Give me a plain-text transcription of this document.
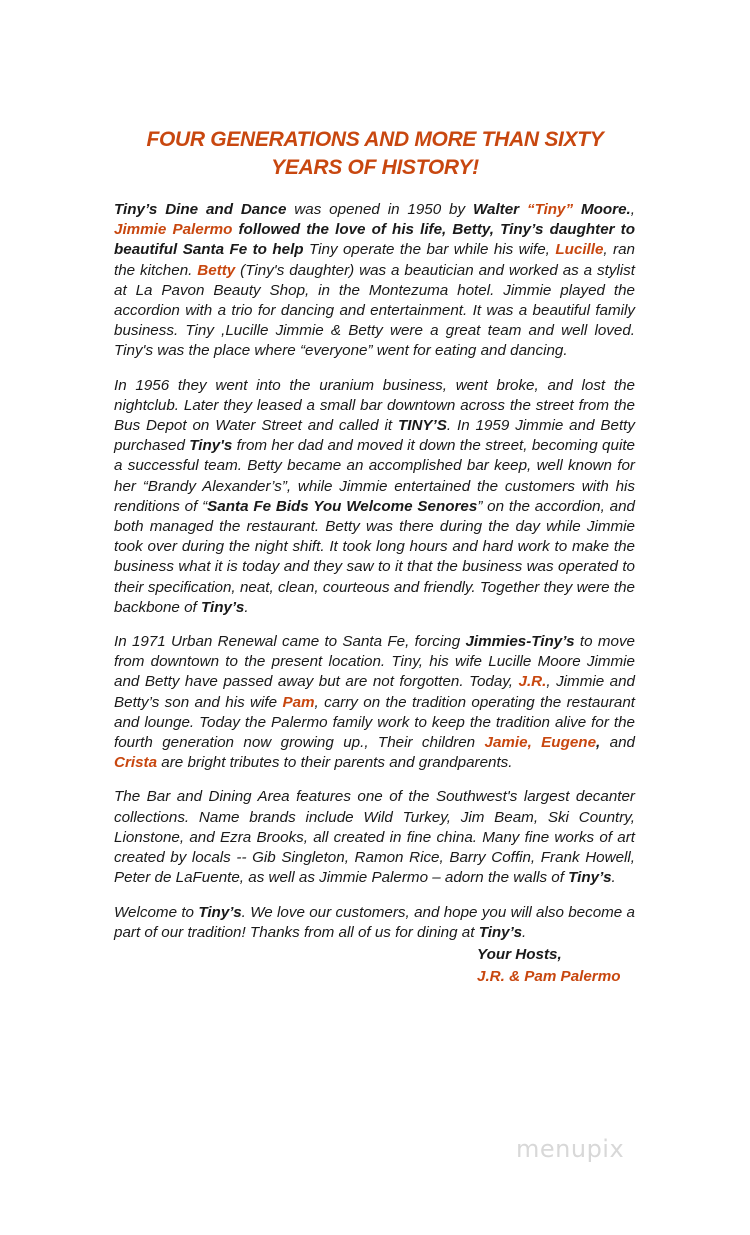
FOUR GENERATIONS AND MORE THAN SIXTY
YEARS OF HISTORY!

Tiny’s Dine and Dance was opened in 1950 by Walter “Tiny” Moore., Jimmie Palermo followed the love of his life, Betty, Tiny’s daughter to beautiful Santa Fe to help Tiny operate the bar while his wife, Lucille, ran the kitchen. Betty (Tiny's daughter) was a beautician and worked as a stylist at La Pavon Beauty Shop, in the Montezuma hotel. Jimmie played the accordion with a trio for dancing and entertainment. It was a beautiful family business. Tiny ,Lucille Jimmie & Betty were a great team and well loved. Tiny's was the place where “everyone” went for eating and dancing.

In 1956 they went into the uranium business, went broke, and lost the nightclub. Later they leased a small bar downtown across the street from the Bus Depot on Water Street and called it TINY’S. In 1959 Jimmie and Betty purchased Tiny's from her dad and moved it down the street, becoming quite a successful team. Betty became an accomplished bar keep, well known for her “Brandy Alexander’s”, while Jimmie entertained the customers with his renditions of “Santa Fe Bids You Welcome Senores” on the accordion, and both managed the restaurant. Betty was there during the day while Jimmie took over during the night shift. It took long hours and hard work to make the business what it is today and they saw to it that the business was operated to their specification, neat, clean, courteous and friendly. Together they were the backbone of Tiny’s.

In 1971 Urban Renewal came to Santa Fe, forcing Jimmies-Tiny’s to move from downtown to the present location. Tiny, his wife Lucille Moore Jimmie and Betty have passed away but are not forgotten. Today, J.R., Jimmie and Betty’s son and his wife Pam, carry on the tradition operating the restaurant and lounge. Today the Palermo family work to keep the tradition alive for the fourth generation now growing up., Their children Jamie, Eugene, and Crista are bright tributes to their parents and grandparents.

The Bar and Dining Area features one of the Southwest's largest decanter collections. Name brands include Wild Turkey, Jim Beam, Ski Country, Lionstone, and Ezra Brooks, all created in fine china. Many fine works of art created by locals -- Gib Singleton, Ramon Rice, Barry Coffin, Frank Howell, Peter de LaFuente, as well as Jimmie Palermo – adorn the walls of Tiny’s.

Welcome to Tiny’s. We love our customers, and hope you will also become a part of our tradition! Thanks from all of us for dining at Tiny’s.

Your Hosts,
J.R. & Pam Palermo
menupix
